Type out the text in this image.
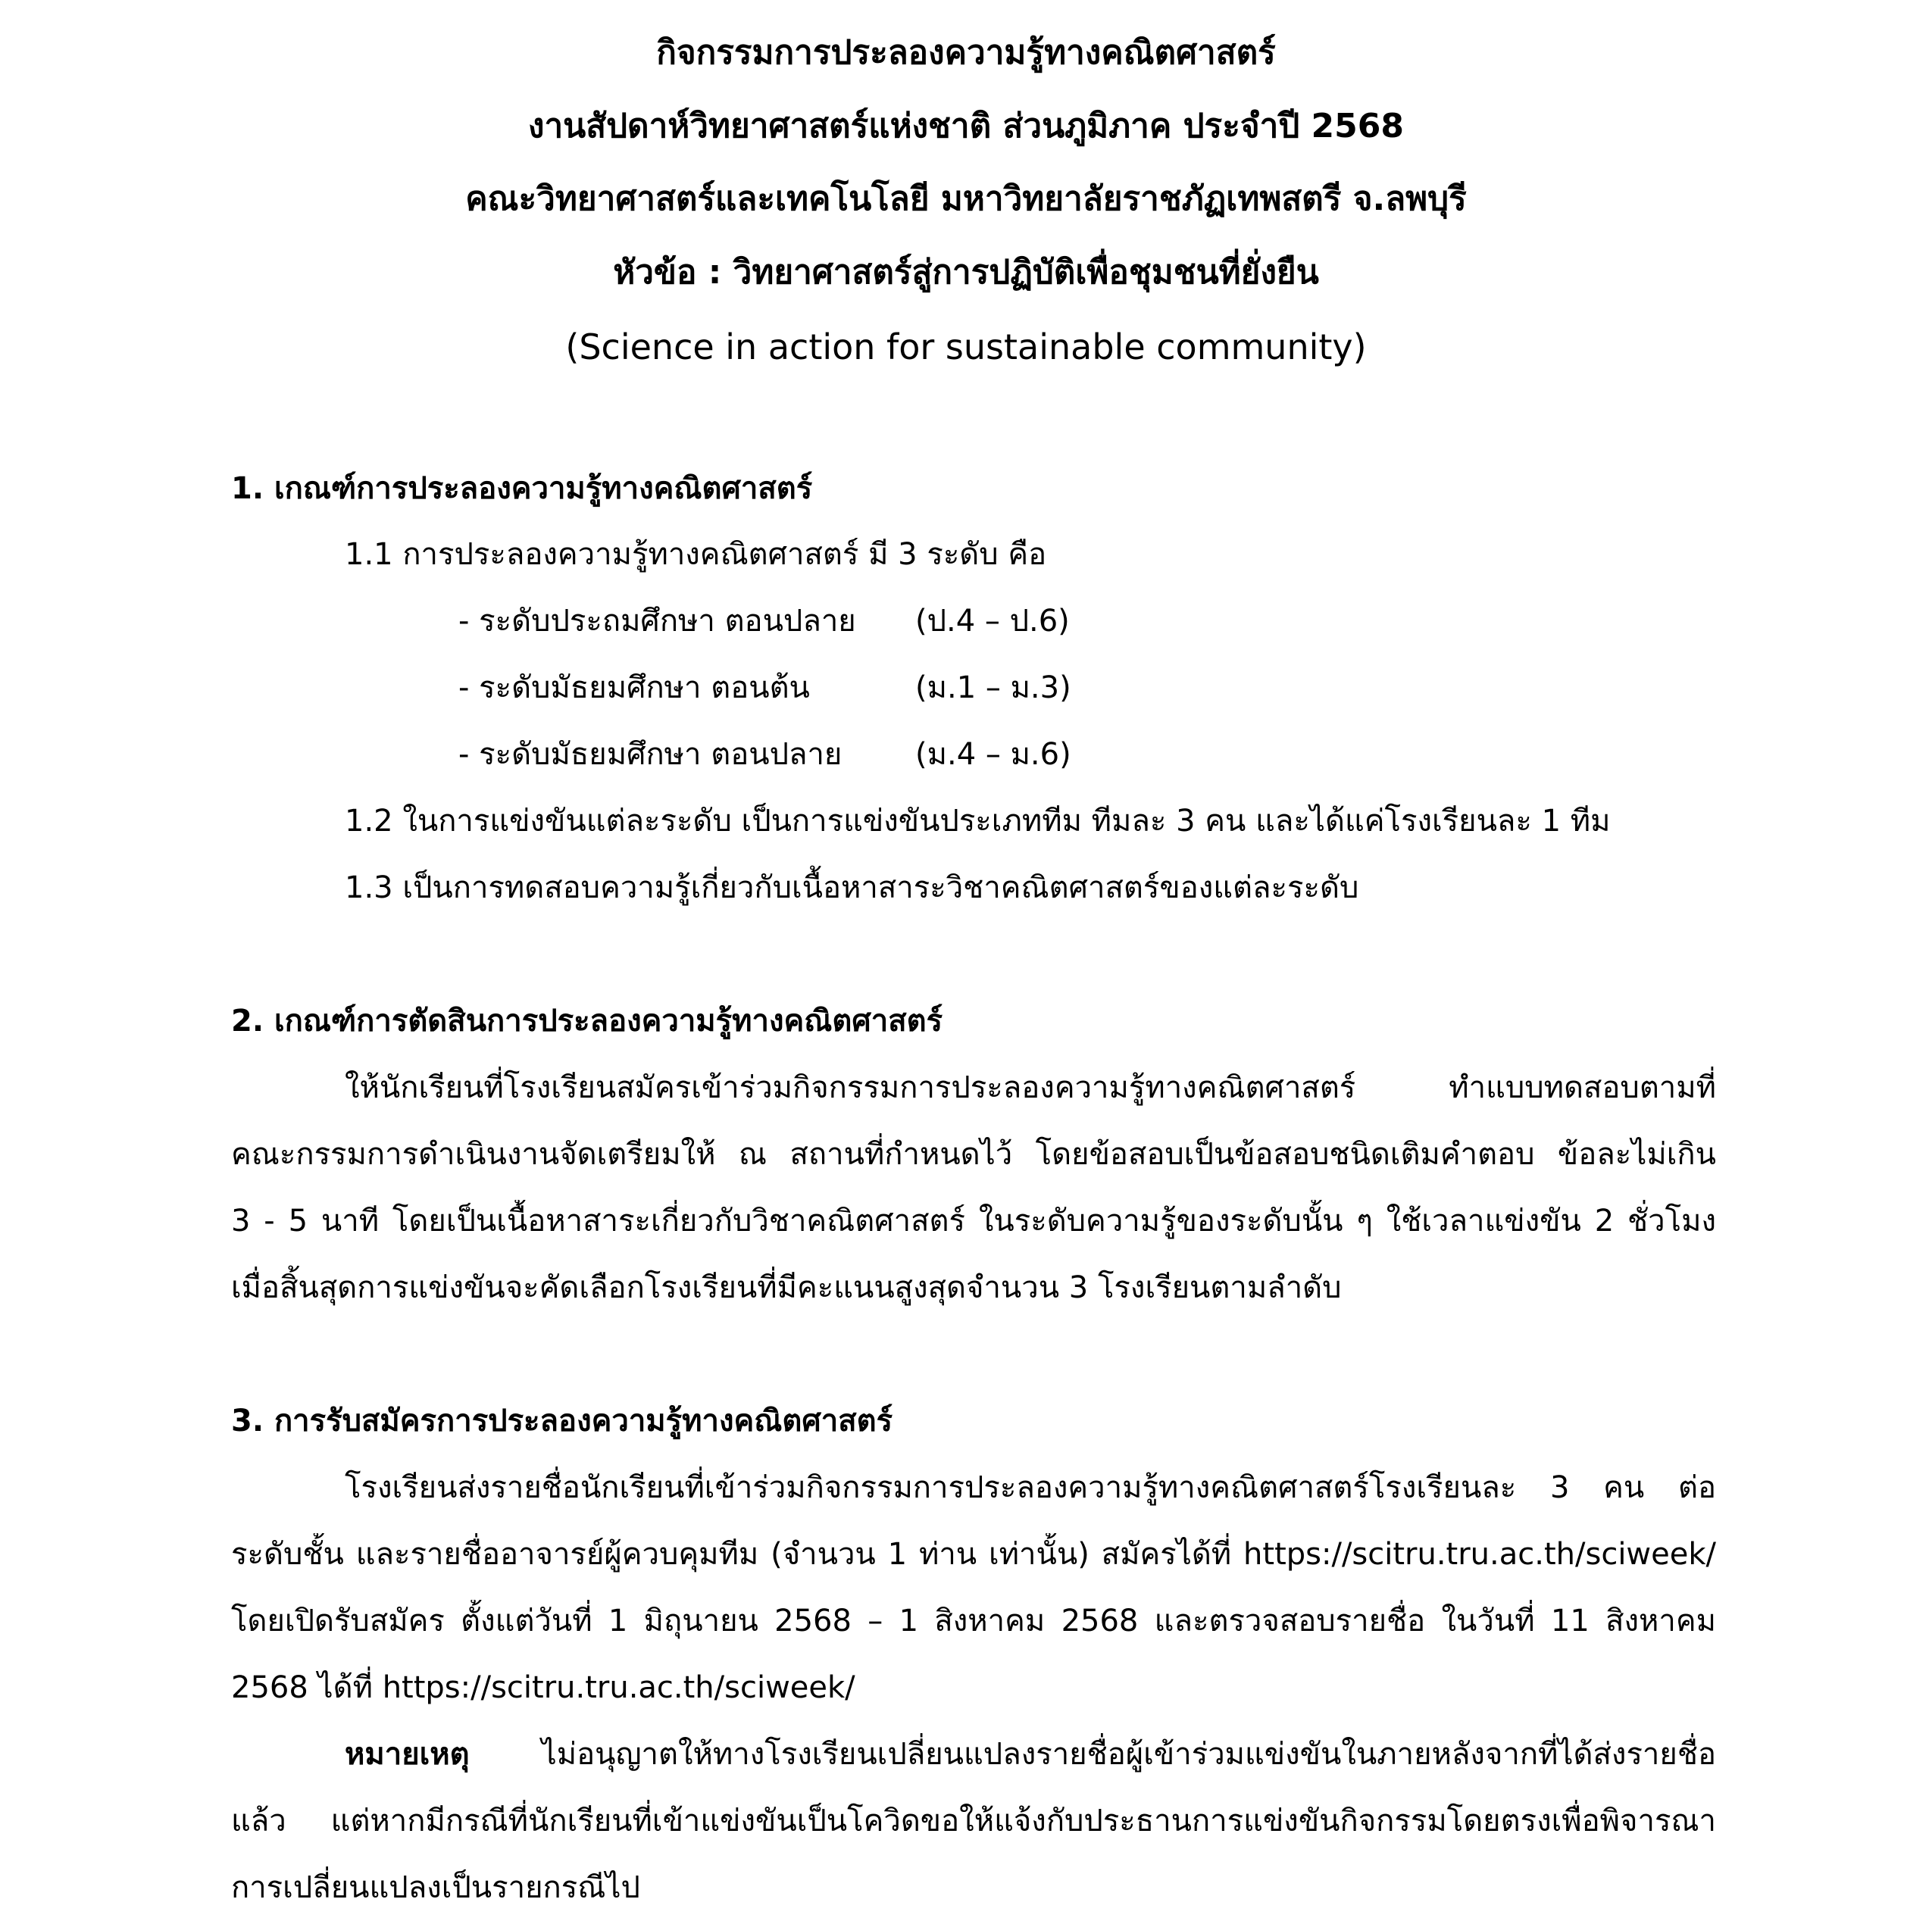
กิจกรรมการประลองความรู้ทางคณิตศาสตร์
งานสัปดาห์วิทยาศาสตร์แห่งชาติ ส่วนภูมิภาค ประจำปี 2568
คณะวิทยาศาสตร์และเทคโนโลยี มหาวิทยาลัยราชภัฏเทพสตรี จ.ลพบุรี
หัวข้อ : วิทยาศาสตร์สู่การปฏิบัติเพื่อชุมชนที่ยั่งยืน
(Science in action for sustainable community)
1. เกณฑ์การประลองความรู้ทางคณิตศาสตร์
1.1 การประลองความรู้ทางคณิตศาสตร์ มี 3 ระดับ คือ
- ระดับประถมศึกษา ตอนปลาย (ป.4 – ป.6)
- ระดับมัธยมศึกษา ตอนต้น	(ม.1 – ม.3)
- ระดับมัธยมศึกษา ตอนปลาย (ม.4 – ม.6)
1.2 ในการแข่งขันแต่ละระดับ เป็นการแข่งขันประเภททีม ทีมละ 3 คน และได้แค่โรงเรียนละ 1 ทีม
1.3 เป็นการทดสอบความรู้เกี่ยวกับเนื้อหาสาระวิชาคณิตศาสตร์ของแต่ละระดับ
2. เกณฑ์การตัดสินการประลองความรู้ทางคณิตศาสตร์
ให้นักเรียนที่โรงเรียนสมัครเข้าร่วมกิจกรรมการประลองความรู้ทางคณิตศาสตร์ ทำแบบทดสอบตามที่
คณะกรรมการดำเนินงานจัดเตรียมให้ ณ สถานที่กำหนดไว้ โดยข้อสอบเป็นข้อสอบชนิดเติมคำตอบ ข้อละไม่เกิน
3 - 5 นาที โดยเป็นเนื้อหาสาระเกี่ยวกับวิชาคณิตศาสตร์ ในระดับความรู้ของระดับนั้น ๆ ใช้เวลาแข่งขัน 2 ชั่วโมง
เมื่อสิ้นสุดการแข่งขันจะคัดเลือกโรงเรียนที่มีคะแนนสูงสุดจำนวน 3 โรงเรียนตามลำดับ
3. การรับสมัครการประลองความรู้ทางคณิตศาสตร์
โรงเรียนส่งรายชื่อนักเรียนที่เข้าร่วมกิจกรรมการประลองความรู้ทางคณิตศาสตร์โรงเรียนละ 3 คน ต่อ
ระดับชั้น และรายชื่ออาจารย์ผู้ควบคุมทีม (จำนวน 1 ท่าน เท่านั้น) สมัครได้ที่ https://scitru.tru.ac.th/sciweek/
โดยเปิดรับสมัคร ตั้งแต่วันที่ 1 มิถุนายน 2568 – 1 สิงหาคม 2568 และตรวจสอบรายชื่อ ในวันที่ 11 สิงหาคม
2568 ได้ที่ https://scitru.tru.ac.th/sciweek/
หมายเหตุ ไม่อนุญาตให้ทางโรงเรียนเปลี่ยนแปลงรายชื่อผู้เข้าร่วมแข่งขันในภายหลังจากที่ได้ส่งรายชื่อ
แล้ว แต่หากมีกรณีที่นักเรียนที่เข้าแข่งขันเป็นโควิดขอให้แจ้งกับประธานการแข่งขันกิจกรรมโดยตรงเพื่อพิจารณา
การเปลี่ยนแปลงเป็นรายกรณีไป
